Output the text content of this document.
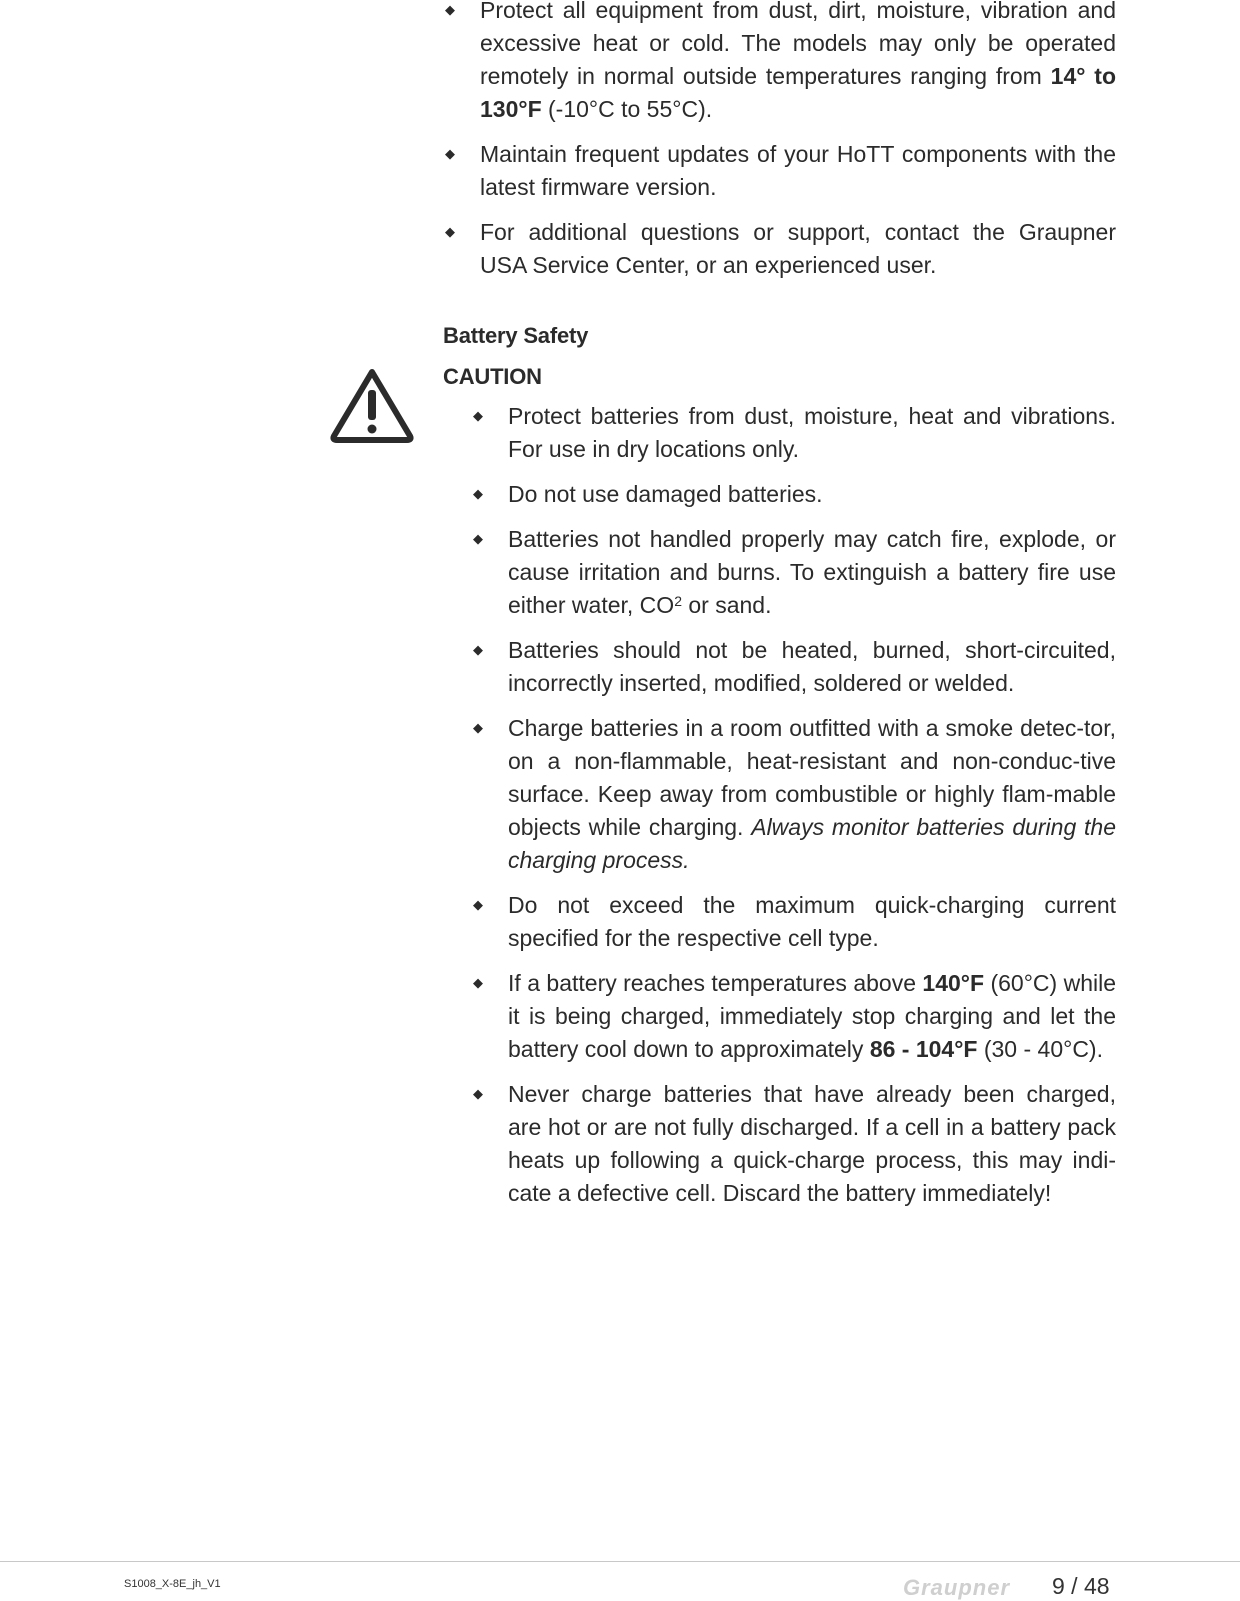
◆ Protect all equipment from dust, dirt, moisture, vibration and excessive heat or cold. The models may only be operated remotely in normal outside temperatures ranging from 14° to 130°F (-10°C to 55°C).

◆ Maintain frequent updates of your HoTT components with the latest firmware version.

◆ For additional questions or support, contact the Graupner USA Service Center, or an experienced user.

Battery Safety
CAUTION

◆ Protect batteries from dust, moisture, heat and vibrations. For use in dry locations only.

◆ Do not use damaged batteries.

◆ Batteries not handled properly may catch fire, explode, or cause irritation and burns. To extinguish a battery fire use either water, $CO^2$ or sand.

◆ Batteries should not be heated, burned, short-circuited, incorrectly inserted, modified, soldered or welded.

◆ Charge batteries in a room outfitted with a smoke detec-tor, on a non-flammable, heat-resistant and non-conduc-tive surface. Keep away from combustible or highly flam-mable objects while charging. Always monitor batteries during the charging process.

◆ Do not exceed the maximum quick-charging current specified for the respective cell type.

◆ If a battery reaches temperatures above 140°F (60°C) while it is being charged, immediately stop charging and let the battery cool down to approximately 86 - 104°F (30 - 40°C).

◆ Never charge batteries that have already been charged, are hot or are not fully discharged. If a cell in a battery pack heats up following a quick-charge process, this may indi-cate a defective cell. Discard the battery immediately!

S1008_X-8E_jh_V1	Graupner 9 / 48
